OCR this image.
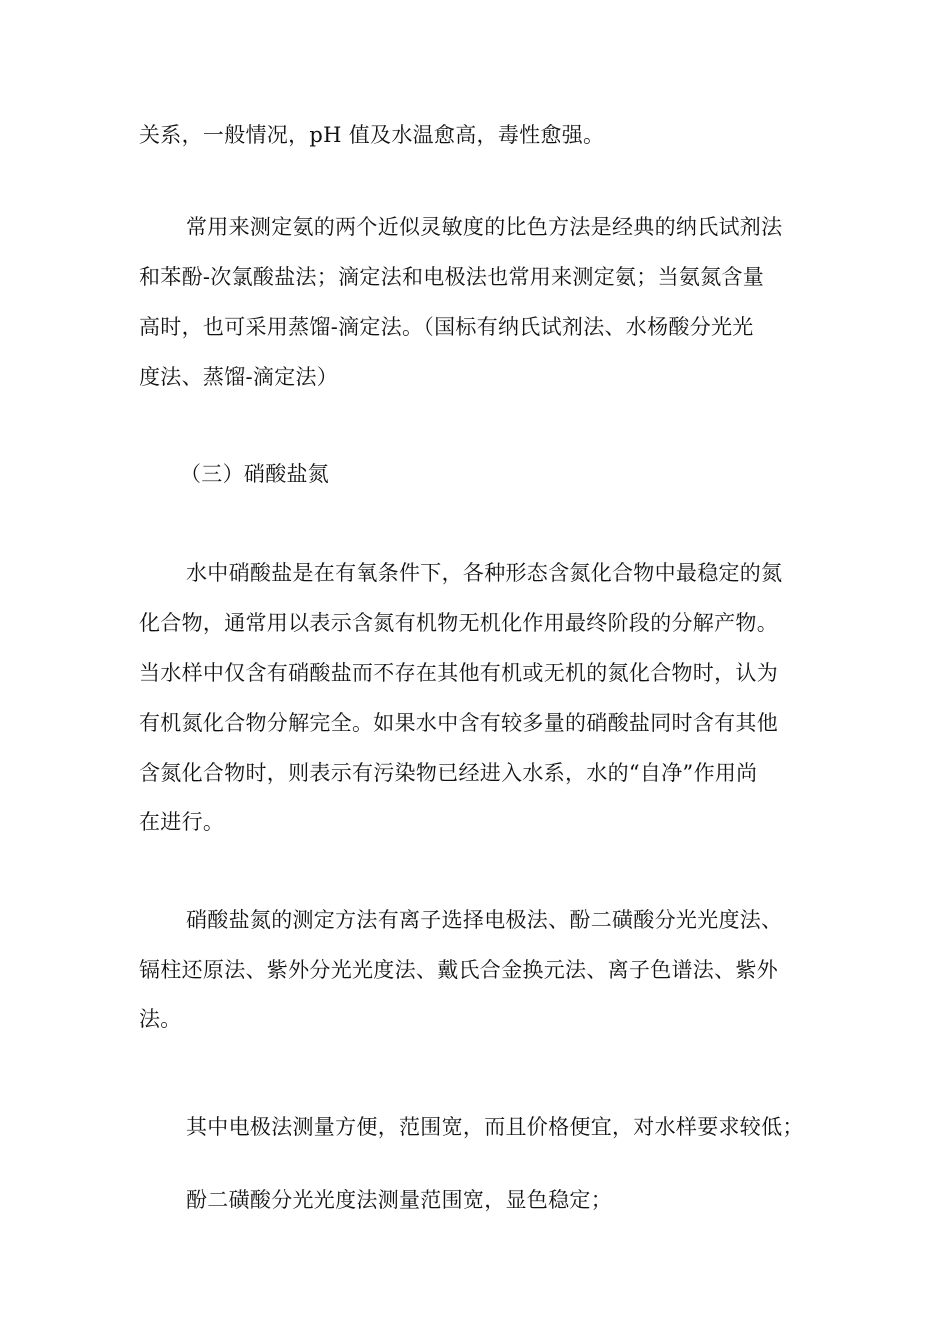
关系，一般情况，pH 值及水温愈高，毒性愈强。
常用来测定氨的两个近似灵敏度的比色方法是经典的纳氏试剂法
和苯酚-次氯酸盐法；滴定法和电极法也常用来测定氨；当氨氮含量
高时，也可采用蒸馏-滴定法。（国标有纳氏试剂法、水杨酸分光光
度法、蒸馏-滴定法）
（三）硝酸盐氮
水中硝酸盐是在有氧条件下，各种形态含氮化合物中最稳定的氮
化合物，通常用以表示含氮有机物无机化作用最终阶段的分解产物。
当水样中仅含有硝酸盐而不存在其他有机或无机的氮化合物时，认为
有机氮化合物分解完全。如果水中含有较多量的硝酸盐同时含有其他
含氮化合物时，则表示有污染物已经进入水系，水的“自净”作用尚
在进行。
硝酸盐氮的测定方法有离子选择电极法、酚二磺酸分光光度法、
镉柱还原法、紫外分光光度法、戴氏合金换元法、离子色谱法、紫外
法。
其中电极法测量方便，范围宽，而且价格便宜，对水样要求较低；
酚二磺酸分光光度法测量范围宽，显色稳定；
